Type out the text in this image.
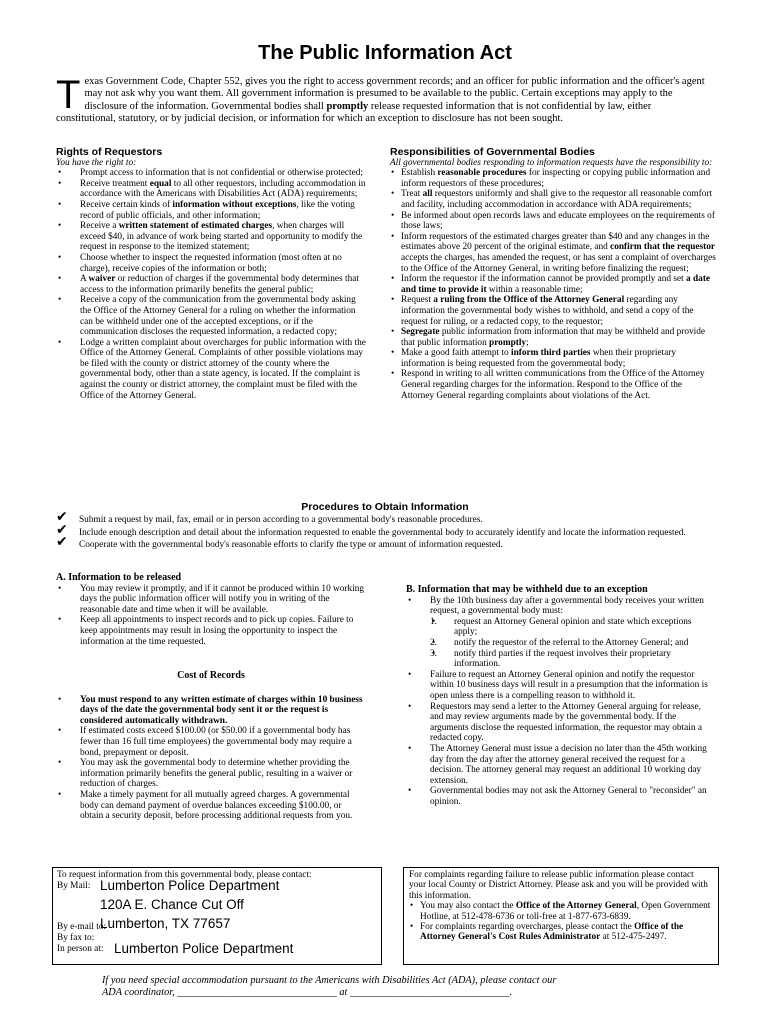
The Public Information Act
Texas Government Code, Chapter 552, gives you the right to access government records; and an officer for public information and the officer's agent may not ask why you want them. All government information is presumed to be available to the public. Certain exceptions may apply to the disclosure of the information. Governmental bodies shall promptly release requested information that is not confidential by law, either constitutional, statutory, or by judicial decision, or information for which an exception to disclosure has not been sought.
Rights of Requestors
You have the right to:
• Prompt access to information that is not confidential or otherwise protected;
• Receive treatment equal to all other requestors, including accommodation in accordance with the Americans with Disabilities Act (ADA) requirements;
• Receive certain kinds of information without exceptions, like the voting record of public officials, and other information;
• Receive a written statement of estimated charges, when charges will exceed $40, in advance of work being started and opportunity to modify the request in response to the itemized statement;
• Choose whether to inspect the requested information (most often at no charge), receive copies of the information or both;
• A waiver or reduction of charges if the governmental body determines that access to the information primarily benefits the general public;
• Receive a copy of the communication from the governmental body asking the Office of the Attorney General for a ruling on whether the information can be withheld under one of the accepted exceptions, or if the communication discloses the requested information, a redacted copy;
• Lodge a written complaint about overcharges for public information with the Office of the Attorney General. Complaints of other possible violations may be filed with the county or district attorney of the county where the governmental body, other than a state agency, is located. If the complaint is against the county or district attorney, the complaint must be filed with the Office of the Attorney General.
Responsibilities of Governmental Bodies
All governmental bodies responding to information requests have the responsibility to:
• Establish reasonable procedures for inspecting or copying public information and inform requestors of these procedures;
• Treat all requestors uniformly and shall give to the requestor all reasonable comfort and facility, including accommodation in accordance with ADA requirements;
• Be informed about open records laws and educate employees on the requirements of those laws;
• Inform requestors of the estimated charges greater than $40 and any changes in the estimates above 20 percent of the original estimate, and confirm that the requestor accepts the charges, has amended the request, or has sent a complaint of overcharges to the Office of the Attorney General, in writing before finalizing the request;
• Inform the requestor if the information cannot be provided promptly and set a date and time to provide it within a reasonable time;
• Request a ruling from the Office of the Attorney General regarding any information the governmental body wishes to withhold, and send a copy of the request for ruling, or a redacted copy, to the requestor;
• Segregate public information from information that may be withheld and provide that public information promptly;
• Make a good faith attempt to inform third parties when their proprietary information is being requested from the governmental body;
• Respond in writing to all written communications from the Office of the Attorney General regarding charges for the information. Respond to the Office of the Attorney General regarding complaints about violations of the Act.
Procedures to Obtain Information
✔ Submit a request by mail, fax, email or in person according to a governmental body's reasonable procedures.
✔ Include enough description and detail about the information requested to enable the governmental body to accurately identify and locate the information requested.
✔ Cooperate with the governmental body's reasonable efforts to clarify the type or amount of information requested.
A. Information to be released
• You may review it promptly, and if it cannot be produced within 10 working days the public information officer will notify you in writing of the reasonable date and time when it will be available.
• Keep all appointments to inspect records and to pick up copies. Failure to keep appointments may result in losing the opportunity to inspect the information at the time requested.
Cost of Records
• You must respond to any written estimate of charges within 10 business days of the date the governmental body sent it or the request is considered automatically withdrawn.
• If estimated costs exceed $100.00 (or $50.00 if a governmental body has fewer than 16 full time employees) the governmental body may require a bond, prepayment or deposit.
• You may ask the governmental body to determine whether providing the information primarily benefits the general public, resulting in a waiver or reduction of charges.
• Make a timely payment for all mutually agreed charges. A governmental body can demand payment of overdue balances exceeding $100.00, or obtain a security deposit, before processing additional requests from you.
B. Information that may be withheld due to an exception
• By the 10th business day after a governmental body receives your written request, a governmental body must:
• 1. request an Attorney General opinion and state which exceptions apply;
• 2. notify the requestor of the referral to the Attorney General; and
• 3. notify third parties if the request involves their proprietary information.
• Failure to request an Attorney General opinion and notify the requestor within 10 business days will result in a presumption that the information is open unless there is a compelling reason to withhold it.
• Requestors may send a letter to the Attorney General arguing for release, and may review arguments made by the governmental body. If the arguments disclose the requested information, the requestor may obtain a redacted copy.
• The Attorney General must issue a decision no later than the 45th working day from the day after the attorney general received the request for a decision. The attorney general may request an additional 10 working day extension.
• Governmental bodies may not ask the Attorney General to "reconsider" an opinion.
To request information from this governmental body, please contact:
By Mail: Lumberton Police Department
120A E. Chance Cut Off
Lumberton, TX 77657
By e-mail to:
By fax to:
In person at: Lumberton Police Department
For complaints regarding failure to release public information please contact your local County or District Attorney. Please ask and you will be provided with this information.
• You may also contact the Office of the Attorney General, Open Government Hotline, at 512-478-6736 or toll-free at 1-877-673-6839.
• For complaints regarding overcharges, please contact the Office of the Attorney General's Cost Rules Administrator at 512-475-2497.
If you need special accommodation pursuant to the Americans with Disabilities Act (ADA), please contact our
ADA coordinator, _______________________________ at _______________________________.
